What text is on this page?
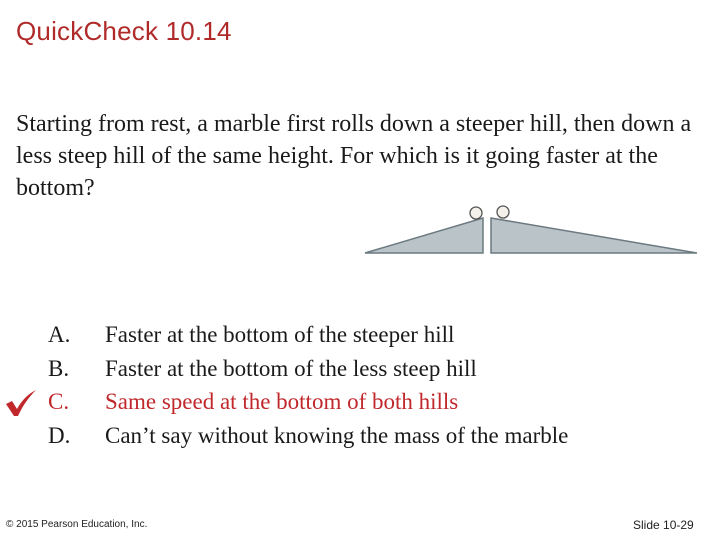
QuickCheck 10.14
Starting from rest, a marble first rolls down a steeper hill, then down a less steep hill of the same height. For which is it going faster at the bottom?
A. Faster at the bottom of the steeper hill
B. Faster at the bottom of the less steep hill
C. Same speed at the bottom of both hills
D. Can’t say without knowing the mass of the marble
© 2015 Pearson Education, Inc.	Slide 10-29
